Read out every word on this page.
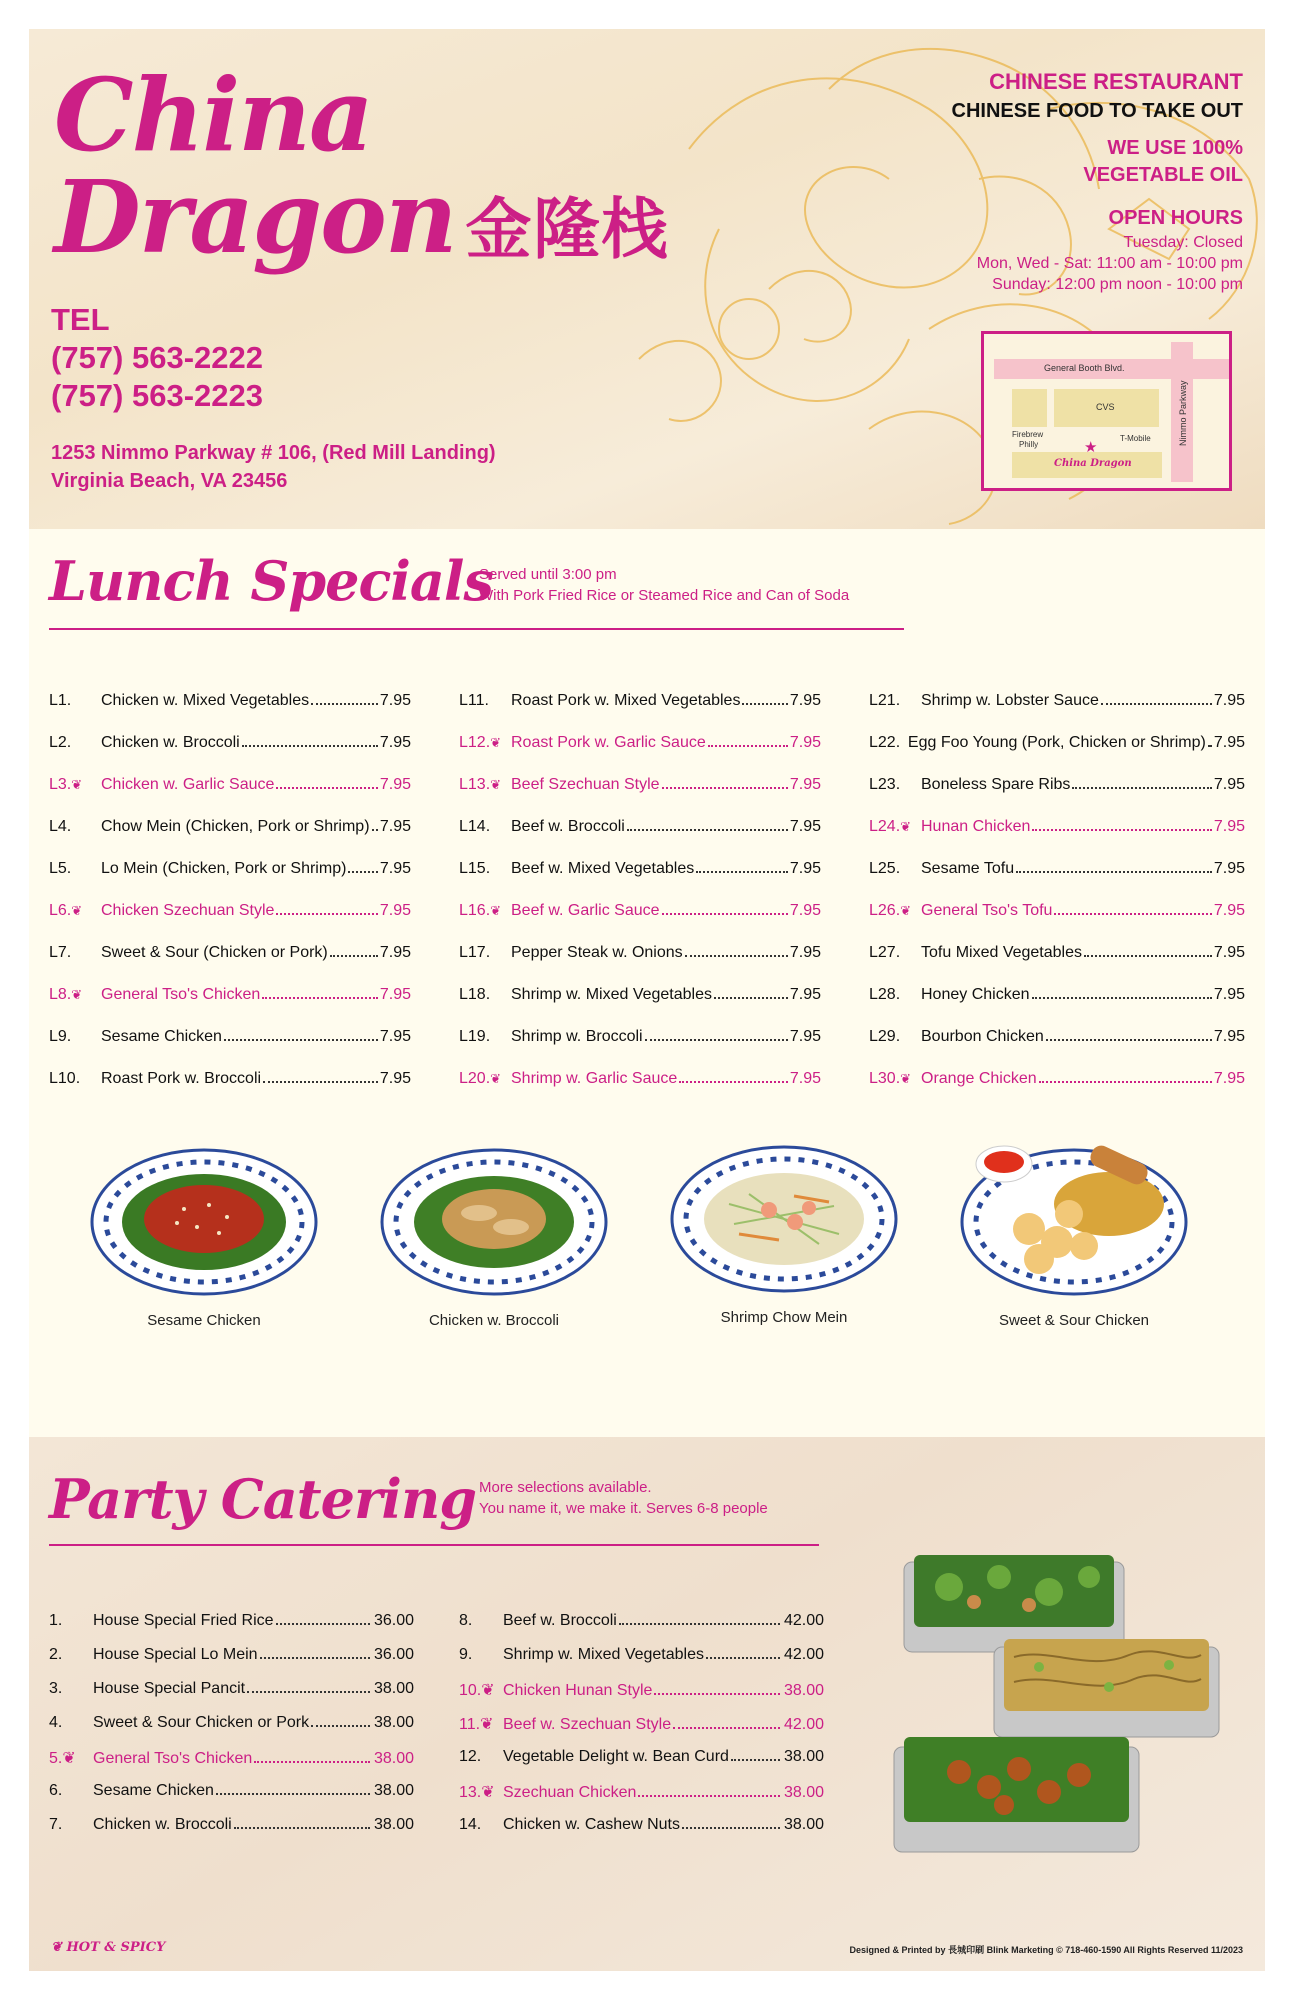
China
Dragon 金隆栈
TEL
(757) 563-2222
(757) 563-2223
1253 Nimmo Parkway # 106, (Red Mill Landing)
Virginia Beach, VA 23456
CHINESE RESTAURANT
CHINESE FOOD TO TAKE OUT
WE USE 100%
VEGETABLE OIL
OPEN HOURS
Tuesday: Closed
Mon, Wed - Sat: 11:00 am - 10:00 pm
Sunday: 12:00 pm noon - 10:00 pm
General Booth Blvd.
Nimmo Parkway
CVS
Firebrew
Philly
T-Mobile
★
China Dragon
Lunch Specials
Served until 3:00 pm
With Pork Fried Rice or Steamed Rice and Can of Soda
L1.	Chicken w. Mixed Vegetables	7.95
L2.	Chicken w. Broccoli	7.95
L3.❦	Chicken w. Garlic Sauce	7.95
L4.	Chow Mein (Chicken, Pork or Shrimp) 7.95
L5.	Lo Mein (Chicken, Pork or Shrimp) 7.95
L6.❦	Chicken Szechuan Style	7.95
L7.	Sweet & Sour (Chicken or Pork)	7.95
L8.❦	General Tso's Chicken	7.95
L9.	Sesame Chicken	7.95
L10.	Roast Pork w. Broccoli	7.95
L11.	Roast Pork w. Mixed Vegetables	7.95
L12.❦ Roast Pork w. Garlic Sauce	7.95
L13.❦ Beef Szechuan Style	7.95
L14.	Beef w. Broccoli	7.95
L15.	Beef w. Mixed Vegetables	7.95
L16.❦ Beef w. Garlic Sauce	7.95
L17.	Pepper Steak w. Onions	7.95
L18.	Shrimp w. Mixed Vegetables	7.95
L19.	Shrimp w. Broccoli	7.95
L20.❦ Shrimp w. Garlic Sauce	7.95
L21.	Shrimp w. Lobster Sauce	7.95
L22. Egg Foo Young (Pork, Chicken or Shrimp) 7.95
L23.	Boneless Spare Ribs	7.95
L24.❦ Hunan Chicken	7.95
L25.	Sesame Tofu	7.95
L26.❦ General Tso's Tofu	7.95
L27.	Tofu Mixed Vegetables	7.95
L28.	Honey Chicken	7.95
L29.	Bourbon Chicken	7.95
L30.❦ Orange Chicken	7.95
Sesame Chicken	Chicken w. Broccoli	Shrimp Chow Mein	Sweet & Sour Chicken
Party Catering More selections available.
You name it, we make it. Serves 6-8 people
1.	House Special Fried Rice	36.00
2.	House Special Lo Mein	36.00
3.	House Special Pancit	38.00
4.	Sweet & Sour Chicken or Pork	38.00
5.❦	General Tso's Chicken	38.00
6.	Sesame Chicken	38.00
7.	Chicken w. Broccoli	38.00
8.	Beef w. Broccoli	42.00
9.	Shrimp w. Mixed Vegetables	42.00
10.❦ Chicken Hunan Style	38.00
11.❦ Beef w. Szechuan Style	42.00
12.	Vegetable Delight w. Bean Curd	38.00
13.❦ Szechuan Chicken	38.00
14.	Chicken w. Cashew Nuts	38.00
❦ HOT & SPICY	Designed & Printed by 長城印刷 Blink Marketing © 718-460-1590 All Rights Reserved 11/2023
